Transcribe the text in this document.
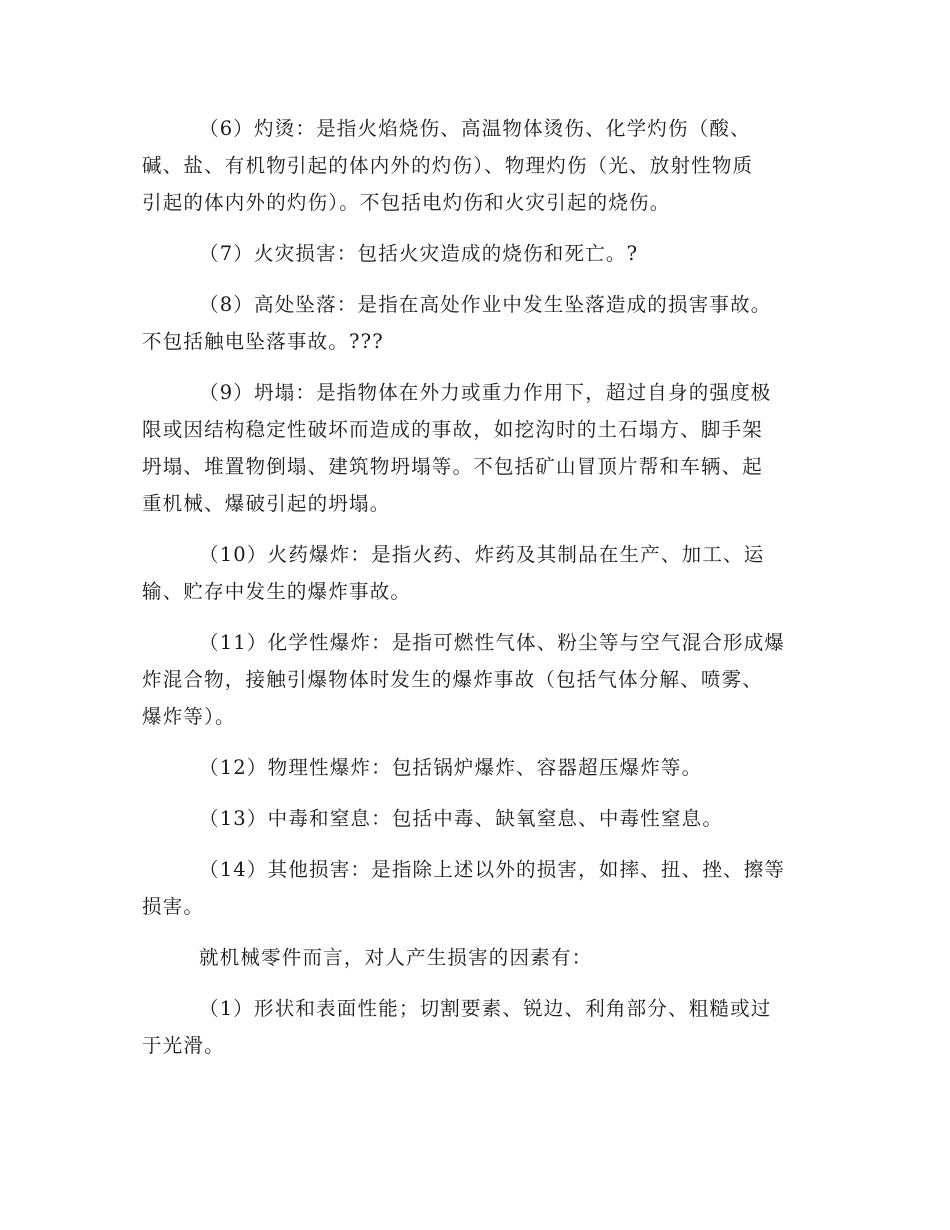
（6）灼烫：是指火焰烧伤、高温物体烫伤、化学灼伤（酸、
碱、盐、有机物引起的体内外的灼伤）、物理灼伤（光、放射性物质
引起的体内外的灼伤）。不包括电灼伤和火灾引起的烧伤。

（7）火灾损害：包括火灾造成的烧伤和死亡。?

（8）高处坠落：是指在高处作业中发生坠落造成的损害事故。
不包括触电坠落事故。???

（9）坍塌：是指物体在外力或重力作用下，超过自身的强度极
限或因结构稳定性破坏而造成的事故，如挖沟时的土石塌方、脚手架
坍塌、堆置物倒塌、建筑物坍塌等。不包括矿山冒顶片帮和车辆、起
重机械、爆破引起的坍塌。

（10）火药爆炸：是指火药、炸药及其制品在生产、加工、运
输、贮存中发生的爆炸事故。

（11）化学性爆炸：是指可燃性气体、粉尘等与空气混合形成爆
炸混合物，接触引爆物体时发生的爆炸事故（包括气体分解、喷雾、
爆炸等）。

（12）物理性爆炸：包括锅炉爆炸、容器超压爆炸等。

（13）中毒和窒息：包括中毒、缺氧窒息、中毒性窒息。

（14）其他损害：是指除上述以外的损害，如摔、扭、挫、擦等
损害。

就机械零件而言，对人产生损害的因素有：

（1）形状和表面性能；切割要素、锐边、利角部分、粗糙或过
于光滑。
